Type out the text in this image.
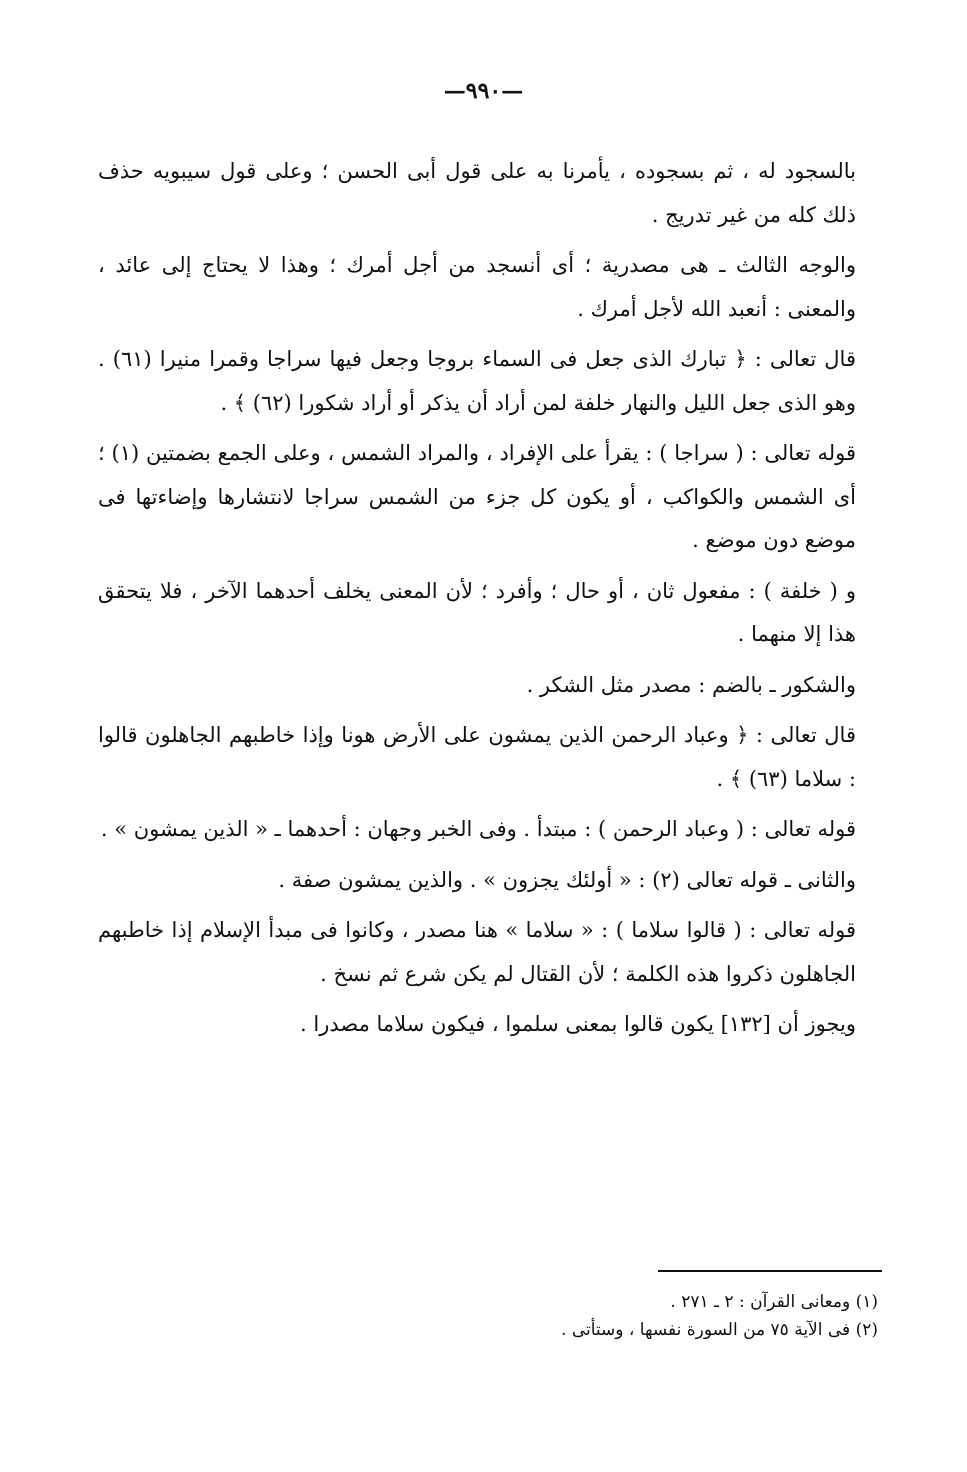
—٩٩٠—

بالسجود له ، ثم بسجوده ، يأمرنا به على قول أبى الحسن ؛ وعلى قول سيبويه حذف ذلك كله من غير تدريج .

والوجه الثالث ـ هى مصدرية ؛ أى أنسجد من أجل أمرك ؛ وهذا لا يحتاج إلى عائد ، والمعنى : أنعبد الله لأجل أمرك .

قال تعالى : ﴿ تبارك الذى جعل فى السماء بروجا وجعل فيها سراجا وقمرا منيرا (٦١) . وهو الذى جعل الليل والنهار خلفة لمن أراد أن يذكر أو أراد شكورا (٦٢) ﴾ .

قوله تعالى : ( سراجا ) : يقرأ على الإفراد ، والمراد الشمس ، وعلى الجمع بضمتين (١) ؛ أى الشمس والكواكب ، أو يكون كل جزء من الشمس سراجا لانتشارها وإضاءتها فى موضع دون موضع .

و ( خلفة ) : مفعول ثان ، أو حال ؛ وأفرد ؛ لأن المعنى يخلف أحدهما الآخر ، فلا يتحقق هذا إلا منهما .

والشكور ـ بالضم : مصدر مثل الشكر .

قال تعالى : ﴿ وعباد الرحمن الذين يمشون على الأرض هونا وإذا خاطبهم الجاهلون قالوا : سلاما (٦٣) ﴾ .

قوله تعالى : ( وعباد الرحمن ) : مبتدأ . وفى الخبر وجهان : أحدهما ـ « الذين يمشون » .

والثانى ـ قوله تعالى (٢) : « أولئك يجزون » . والذين يمشون صفة .

قوله تعالى : ( قالوا سلاما ) : « سلاما » هنا مصدر ، وكانوا فى مبدأ الإسلام إذا خاطبهم الجاهلون ذكروا هذه الكلمة ؛ لأن القتال لم يكن شرع ثم نسخ .

ويجوز أن [١٣٢] يكون قالوا بمعنى سلموا ، فيكون سلاما مصدرا .

(١) ومعانى القرآن : ٢ ـ ٢٧١ .

(٢) فى الآية ٧٥ من السورة نفسها ، وستأتى .
